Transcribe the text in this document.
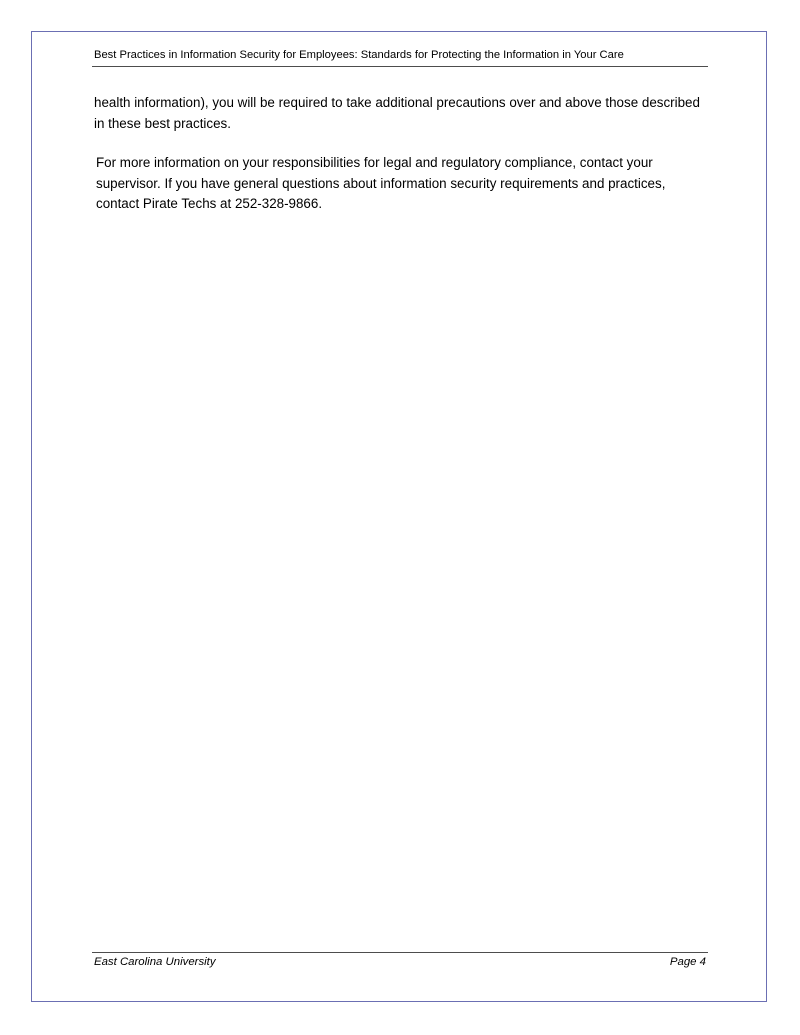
Best Practices in Information Security for Employees: Standards for Protecting the Information in Your Care

health information), you will be required to take additional precautions over and above those described in these best practices.

For more information on your responsibilities for legal and regulatory compliance, contact your supervisor. If you have general questions about information security requirements and practices, contact Pirate Techs at 252-328-9866.

East Carolina University	Page 4
